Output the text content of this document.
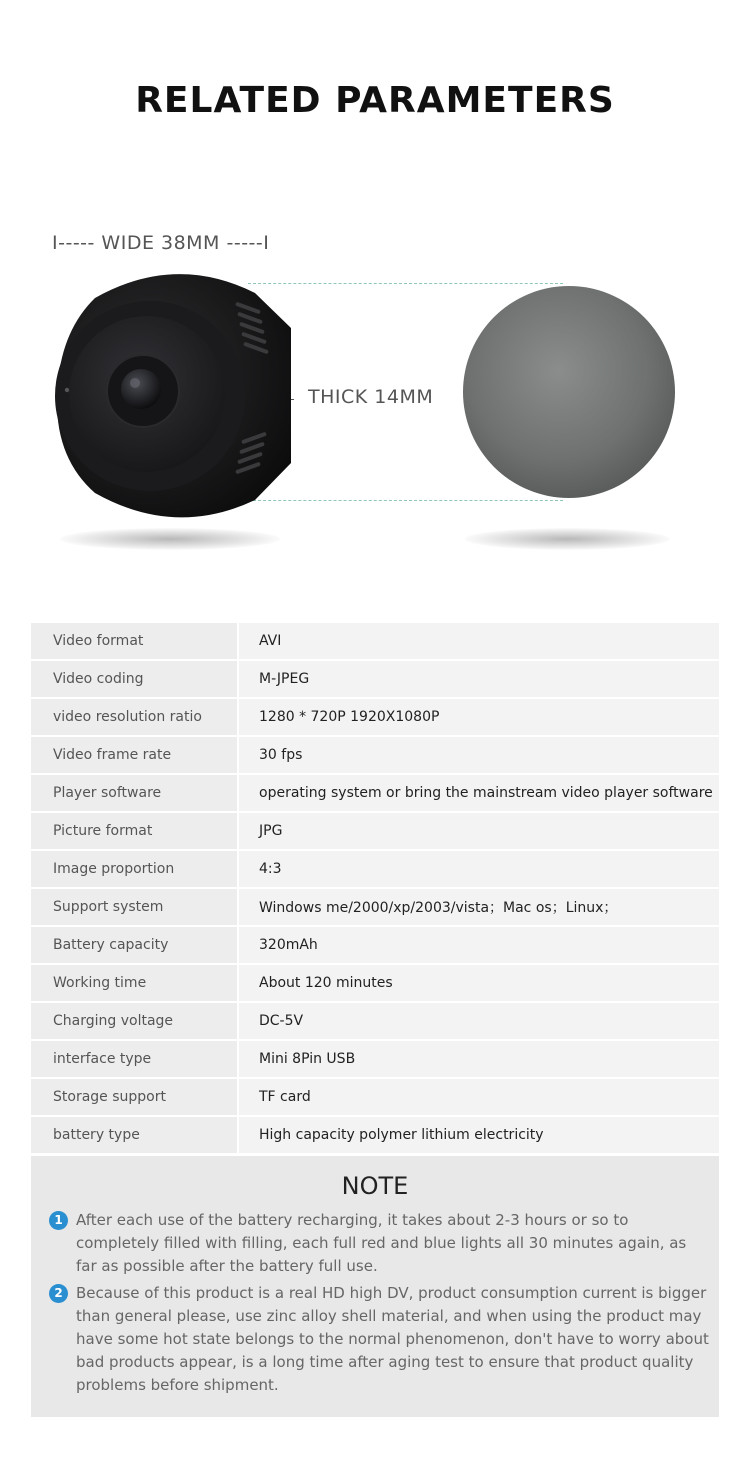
RELATED PARAMETERS
I----- WIDE 38MM -----I
THICK 14MM
Video format	AVI
Video coding	M-JPEG
video resolution ratio	1280 * 720P 1920X1080P
Video frame rate	30 fps
Player software	operating system or bring the mainstream video player software
Picture format	JPG
Image proportion	4:3
Support system	Windows me/2000/xp/2003/vista；Mac os；Linux；
Battery capacity	320mAh
Working time	About 120 minutes
Charging voltage	DC-5V
interface type	Mini 8Pin USB
Storage support	TF card
battery type	High capacity polymer lithium electricity
NOTE
1 After each use of the battery recharging, it takes about 2-3 hours or so to completely filled with filling, each full red and blue lights all 30 minutes again, as far as possible after the battery full use.
2 Because of this product is a real HD high DV, product consumption current is bigger than general please, use zinc alloy shell material, and when using the product may have some hot state belongs to the normal phenomenon, don't have to worry about bad products appear, is a long time after aging test to ensure that product quality problems before shipment.
